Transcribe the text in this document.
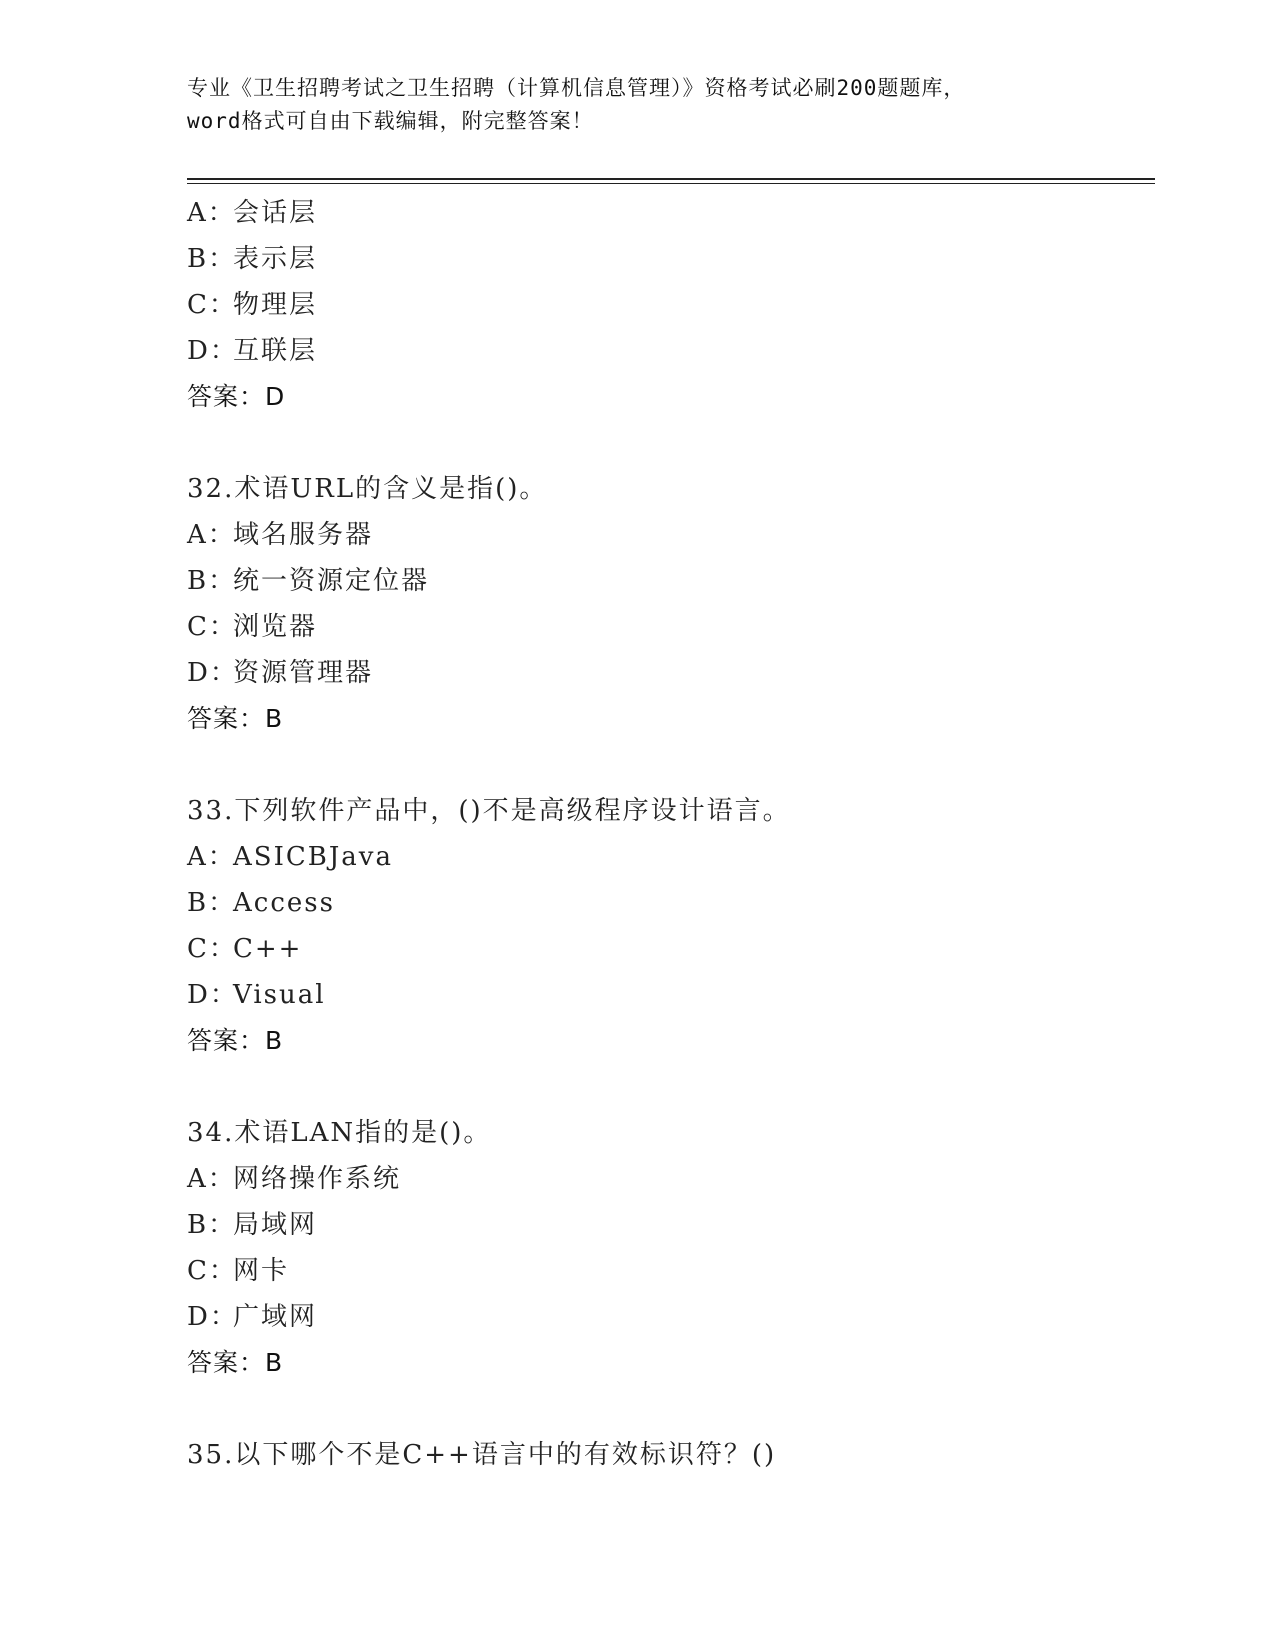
专业《卫生招聘考试之卫生招聘（计算机信息管理）》资格考试必刷200题题库，
word格式可自由下载编辑，附完整答案！
A：会话层
B：表示层
C：物理层
D：互联层
答案：D
32.术语URL的含义是指()。
A：域名服务器
B：统一资源定位器
C：浏览器
D：资源管理器
答案：B
33.下列软件产品中，()不是高级程序设计语言。
A：ASICBJava
B：Access
C：C++
D：Visual
答案：B
34.术语LAN指的是()。
A：网络操作系统
B：局域网
C：网卡
D：广域网
答案：B
35.以下哪个不是C++语言中的有效标识符？()
